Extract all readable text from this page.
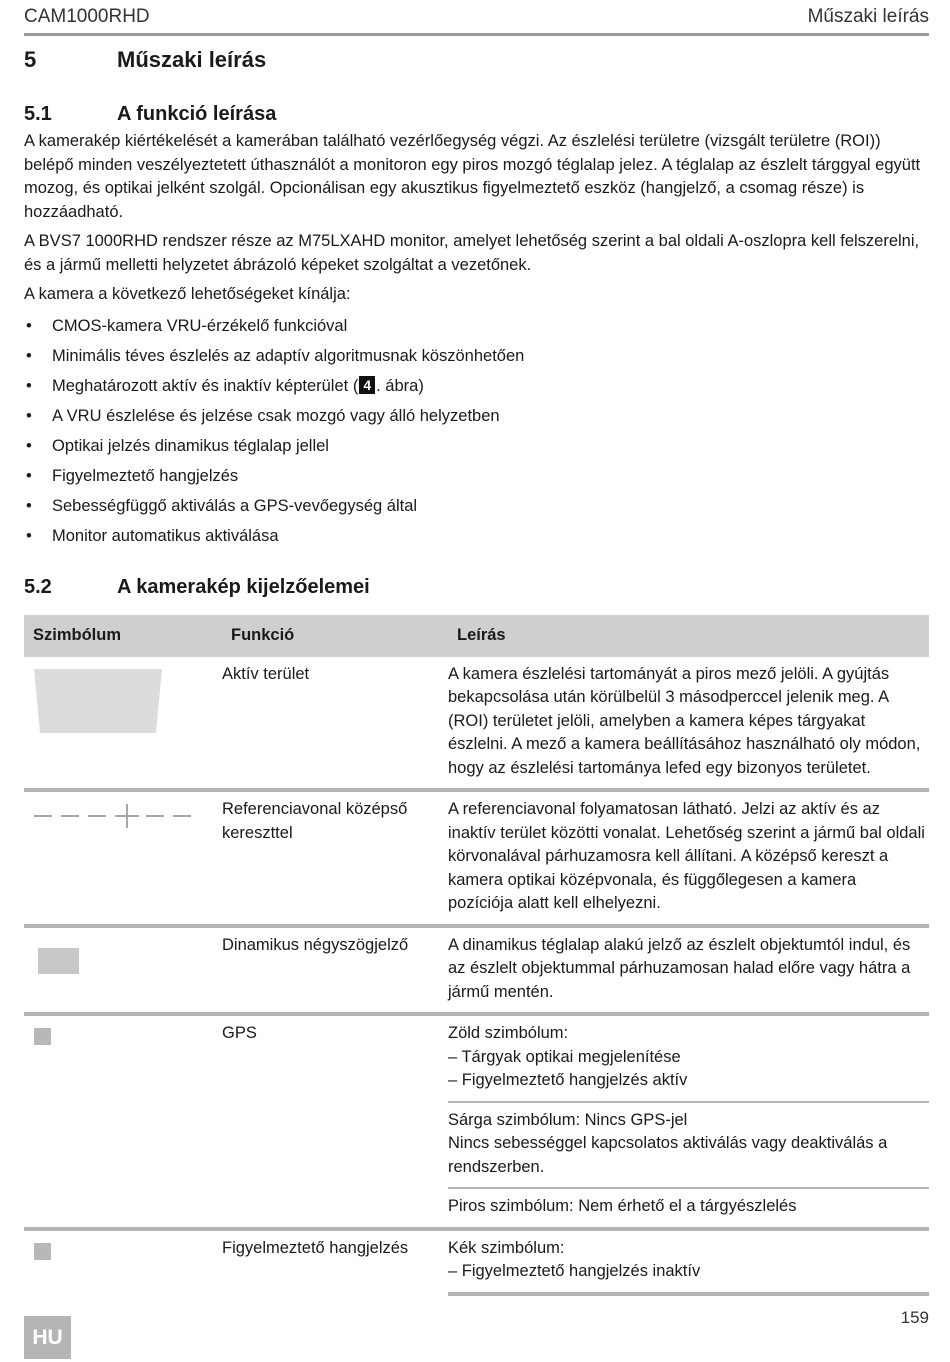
CAM1000RHD	Műszaki leírás
5	Műszaki leírás
5.1	A funkció leírása

A kamerakép kiértékelését a kamerában található vezérlőegység végzi. Az észlelési területre (vizsgált területre (ROI)) belépő minden veszélyeztetett úthasználót a monitoron egy piros mozgó téglalap jelez. A téglalap az észlelt tárggyal együtt mozog, és optikai jelként szolgál. Opcionálisan egy akusztikus figyelmeztető eszköz (hangjelző, a csomag része) is hozzáadható.

A BVS7 1000RHD rendszer része az M75LXAHD monitor, amelyet lehetőség szerint a bal oldali A-oszlopra kell felszerelni, és a jármű melletti helyzetet ábrázoló képeket szolgáltat a vezetőnek.

A kamera a következő lehetőségeket kínálja:

• CMOS-kamera VRU-érzékelő funkcióval
• Minimális téves észlelés az adaptív algoritmusnak köszönhetően
• Meghatározott aktív és inaktív képterület ( 4 . ábra)
• A VRU észlelése és jelzése csak mozgó vagy álló helyzetben
• Optikai jelzés dinamikus téglalap jellel
• Figyelmeztető hangjelzés
• Sebességfüggő aktiválás a GPS-vevőegység által
• Monitor automatikus aktiválása
5.2	A kamerakép kijelzőelemei
Szimbólum	Funkció	Leírás
	Aktív terület	A kamera észlelési tartományát a piros mező jelöli. A gyújtás bekapcsolása után körülbelül 3 másodperccel jelenik meg. A (ROI) területet jelöli, amelyben a kamera képes tárgyakat észlelni. A mező a kamera beállításához használható oly módon, hogy az észlelési tartománya lefed egy bizonyos területet.
	Referenciavonal középső kereszttel	A referenciavonal folyamatosan látható. Jelzi az aktív és az inaktív terület közötti vonalat. Lehetőség szerint a jármű bal oldali körvonalával párhuzamosra kell állítani. A középső kereszt a kamera optikai középvonala, és függőlegesen a kamera pozíciója alatt kell elhelyezni.

	Dinamikus négyszögjelző	A dinamikus téglalap alakú jelző az észlelt objektumtól indul, és az észlelt objektummal párhuzamosan halad előre vagy hátra a jármű mentén.

	GPS	Zöld szimbólum:
– Tárgyak optikai megjelenítése
– Figyelmeztető hangjelzés aktív
		Sárga szimbólum: Nincs GPS-jel
Nincs sebességgel kapcsolatos aktiválás vagy deaktiválás a rendszerben.
		Piros szimbólum: Nem érhető el a tárgyészlelés

	Figyelmeztető hangjelzés	Kék szimbólum:
– Figyelmeztető hangjelzés inaktív
159
HU
